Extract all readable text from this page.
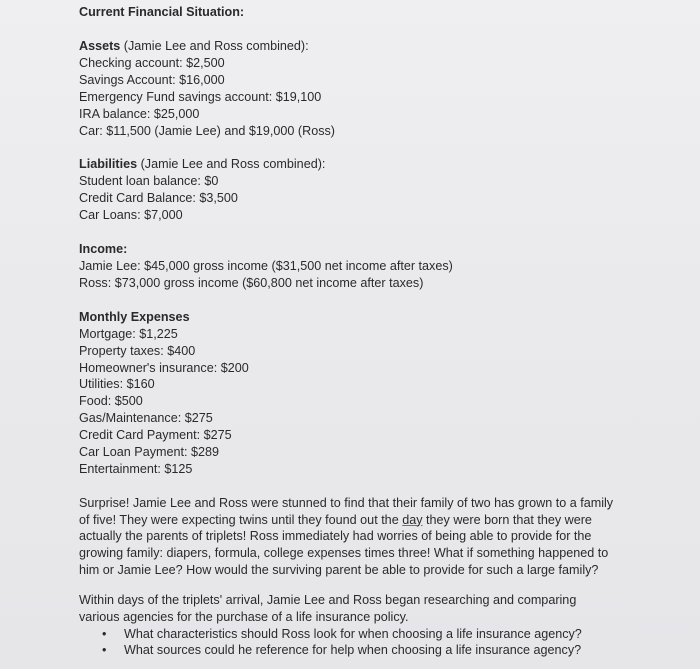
Current Financial Situation:
Assets (Jamie Lee and Ross combined):
Checking account: $2,500
Savings Account: $16,000
Emergency Fund savings account: $19,100
IRA balance: $25,000
Car: $11,500 (Jamie Lee) and $19,000 (Ross)
Liabilities (Jamie Lee and Ross combined):
Student loan balance: $0
Credit Card Balance: $3,500
Car Loans: $7,000
Income:
Jamie Lee: $45,000 gross income ($31,500 net income after taxes)
Ross: $73,000 gross income ($60,800 net income after taxes)
Monthly Expenses
Mortgage: $1,225
Property taxes: $400
Homeowner's insurance: $200
Utilities: $160
Food: $500
Gas/Maintenance: $275
Credit Card Payment: $275
Car Loan Payment: $289
Entertainment: $125

Surprise! Jamie Lee and Ross were stunned to find that their family of two has grown to a family of five! They were expecting twins until they found out the day they were born that they were actually the parents of triplets! Ross immediately had worries of being able to provide for the growing family: diapers, formula, college expenses times three! What if something happened to him or Jamie Lee? How would the surviving parent be able to provide for such a large family?

Within days of the triplets' arrival, Jamie Lee and Ross began researching and comparing various agencies for the purchase of a life insurance policy.

• What characteristics should Ross look for when choosing a life insurance agency?
• What sources could he reference for help when choosing a life insurance agency?
